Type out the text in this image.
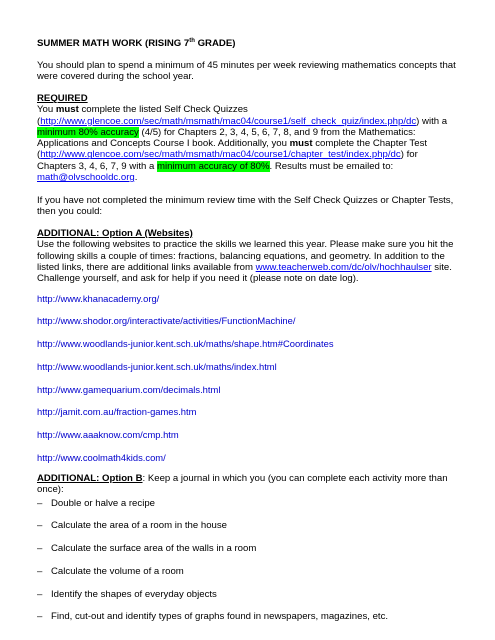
SUMMER MATH WORK (RISING 7th GRADE)
You should plan to spend a minimum of 45 minutes per week reviewing mathematics concepts that
were covered during the school year.
REQUIRED
You must complete the listed Self Check Quizzes
(http://www.glencoe.com/sec/math/msmath/mac04/course1/self_check_quiz/index.php/dc) with a
minimum 80% accuracy (4/5) for Chapters 2, 3, 4, 5, 6, 7, 8, and 9 from the Mathematics:
Applications and Concepts Course I book. Additionally, you must complete the Chapter Test
(http://www.glencoe.com/sec/math/msmath/mac04/course1/chapter_test/index.php/dc) for
Chapters 3, 4, 6, 7, 9 with a minimum accuracy of 80%. Results must be emailed to:
math@olvschooldc.org.
If you have not completed the minimum review time with the Self Check Quizzes or Chapter Tests,
then you could:
ADDITIONAL: Option A (Websites)
Use the following websites to practice the skills we learned this year. Please make sure you hit the
following skills a couple of times: fractions, balancing equations, and geometry. In addition to the
listed links, there are additional links available from www.teacherweb.com/dc/olv/hochhaulser site.
Challenge yourself, and ask for help if you need it (please note on date log).
http://www.khanacademy.org/
http://www.shodor.org/interactivate/activities/FunctionMachine/
http://www.woodlands-junior.kent.sch.uk/maths/shape.htm#Coordinates
http://www.woodlands-junior.kent.sch.uk/maths/index.html
http://www.gamequarium.com/decimals.html
http://jamit.com.au/fraction-games.htm
http://www.aaaknow.com/cmp.htm
http://www.coolmath4kids.com/
ADDITIONAL: Option B: Keep a journal in which you (you can complete each activity more than
once):
– Double or halve a recipe
– Calculate the area of a room in the house
– Calculate the surface area of the walls in a room
– Calculate the volume of a room
– Identify the shapes of everyday objects
– Find, cut-out and identify types of graphs found in newspapers, magazines, etc.
